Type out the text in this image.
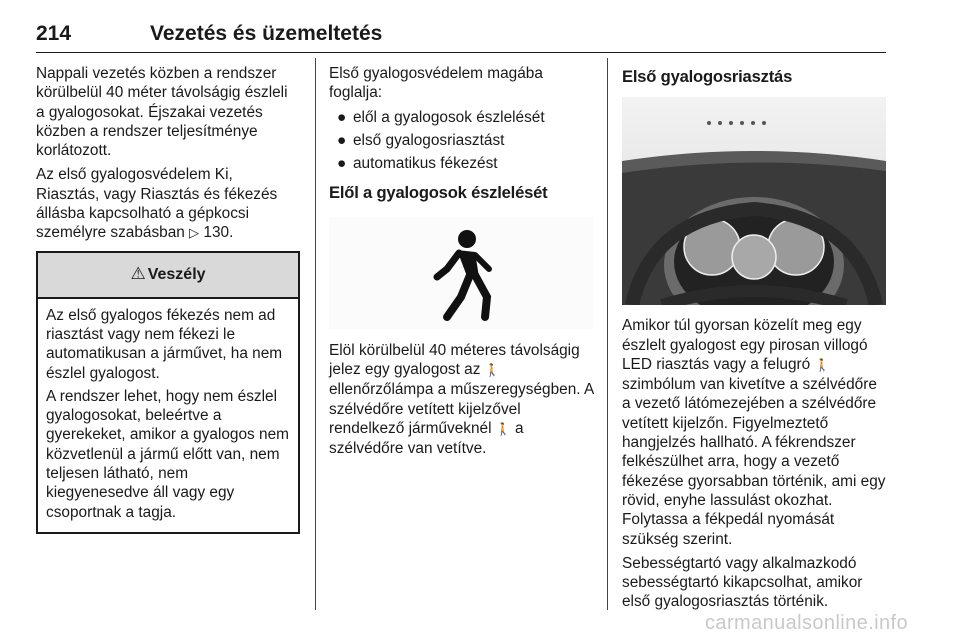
214	Vezetés és üzemeltetés

Nappali vezetés közben a rendszer körülbelül 40 méter távolságig észleli a gyalogosokat. Éjszakai vezetés közben a rendszer teljesítménye korlátozott.

Az első gyalogosvédelem Ki, Riasztás, vagy Riasztás és fékezés állásba kapcsolható a gépkocsi személyre szabásban ▷ 130.

⚠ Veszély

Az első gyalogos fékezés nem ad riasztást vagy nem fékezi le automatikusan a járművet, ha nem észlel gyalogost.

A rendszer lehet, hogy nem észlel gyalogosokat, beleértve a gyerekeket, amikor a gyalogos nem közvetlenül a jármű előtt van, nem teljesen látható, nem kiegyenesedve áll vagy egy csoportnak a tagja.

Első gyalogosvédelem magába foglalja:

● elől a gyalogosok észlelését
● első gyalogosriasztást
● automatikus fékezést
Elől a gyalogosok észlelését

Elöl körülbelül 40 méteres távolságig jelez egy gyalogost az 🚶 ellenőrzőlámpa a műszeregységben. A szélvédőre vetített kijelzővel rendelkező járműveknél 🚶 a szélvédőre van vetítve.

Első gyalogosriasztás

Amikor túl gyorsan közelít meg egy észlelt gyalogost egy pirosan villogó LED riasztás vagy a felugró 🚶 szimbólum van kivetítve a szélvédőre a vezető látómezejében a szélvédőre vetített kijelzőn. Figyelmeztető hangjelzés hallható. A fékrendszer felkészülhet arra, hogy a vezető fékezése gyorsabban történik, ami egy rövid, enyhe lassulást okozhat. Folytassa a fékpedál nyomását szükség szerint.

Sebességtartó vagy alkalmazkodó sebességtartó kikapcsolhat, amikor első gyalogosriasztás történik.

carmanualsonline.info
